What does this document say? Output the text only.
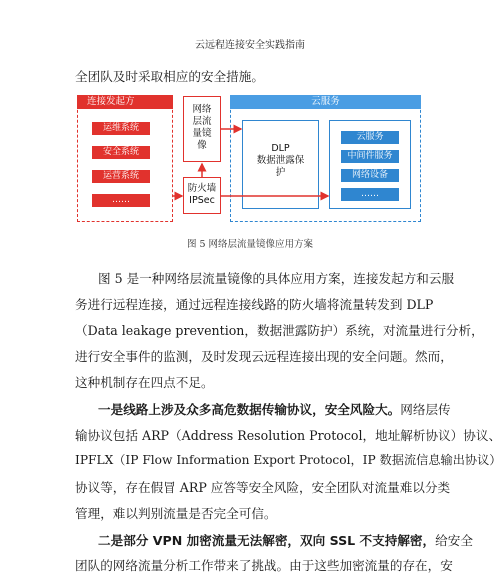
云远程连接安全实践指南
全团队及时采取相应的安全措施。
连接发起方
运维系统
安全系统
运营系统
……
网络
层流
量镜
像
防火墙
IPSec
云服务
DLP
数据泄露保
护
云服务
中间件服务
网络设备
……
图 5 网络层流量镜像应用方案
图 5 是一种网络层流量镜像的具体应用方案，连接发起方和云服
务进行远程连接，通过远程连接线路的防火墙将流量转发到 DLP
（Data leakage prevention，数据泄露防护）系统，对流量进行分析，
进行安全事件的监测，及时发现云远程连接出现的安全问题。然而，
这种机制存在四点不足。
一是线路上涉及众多高危数据传输协议，安全风险大。网络层传
输协议包括 ARP（Address Resolution Protocol，地址解析协议）协议、
IPFLX（IP Flow Information Export Protocol，IP 数据流信息输出协议）
协议等，存在假冒 ARP 应答等安全风险，安全团队对流量难以分类
管理，难以判别流量是否完全可信。
二是部分 VPN 加密流量无法解密，双向 SSL 不支持解密，给安全
团队的网络流量分析工作带来了挑战。由于这些加密流量的存在，安
